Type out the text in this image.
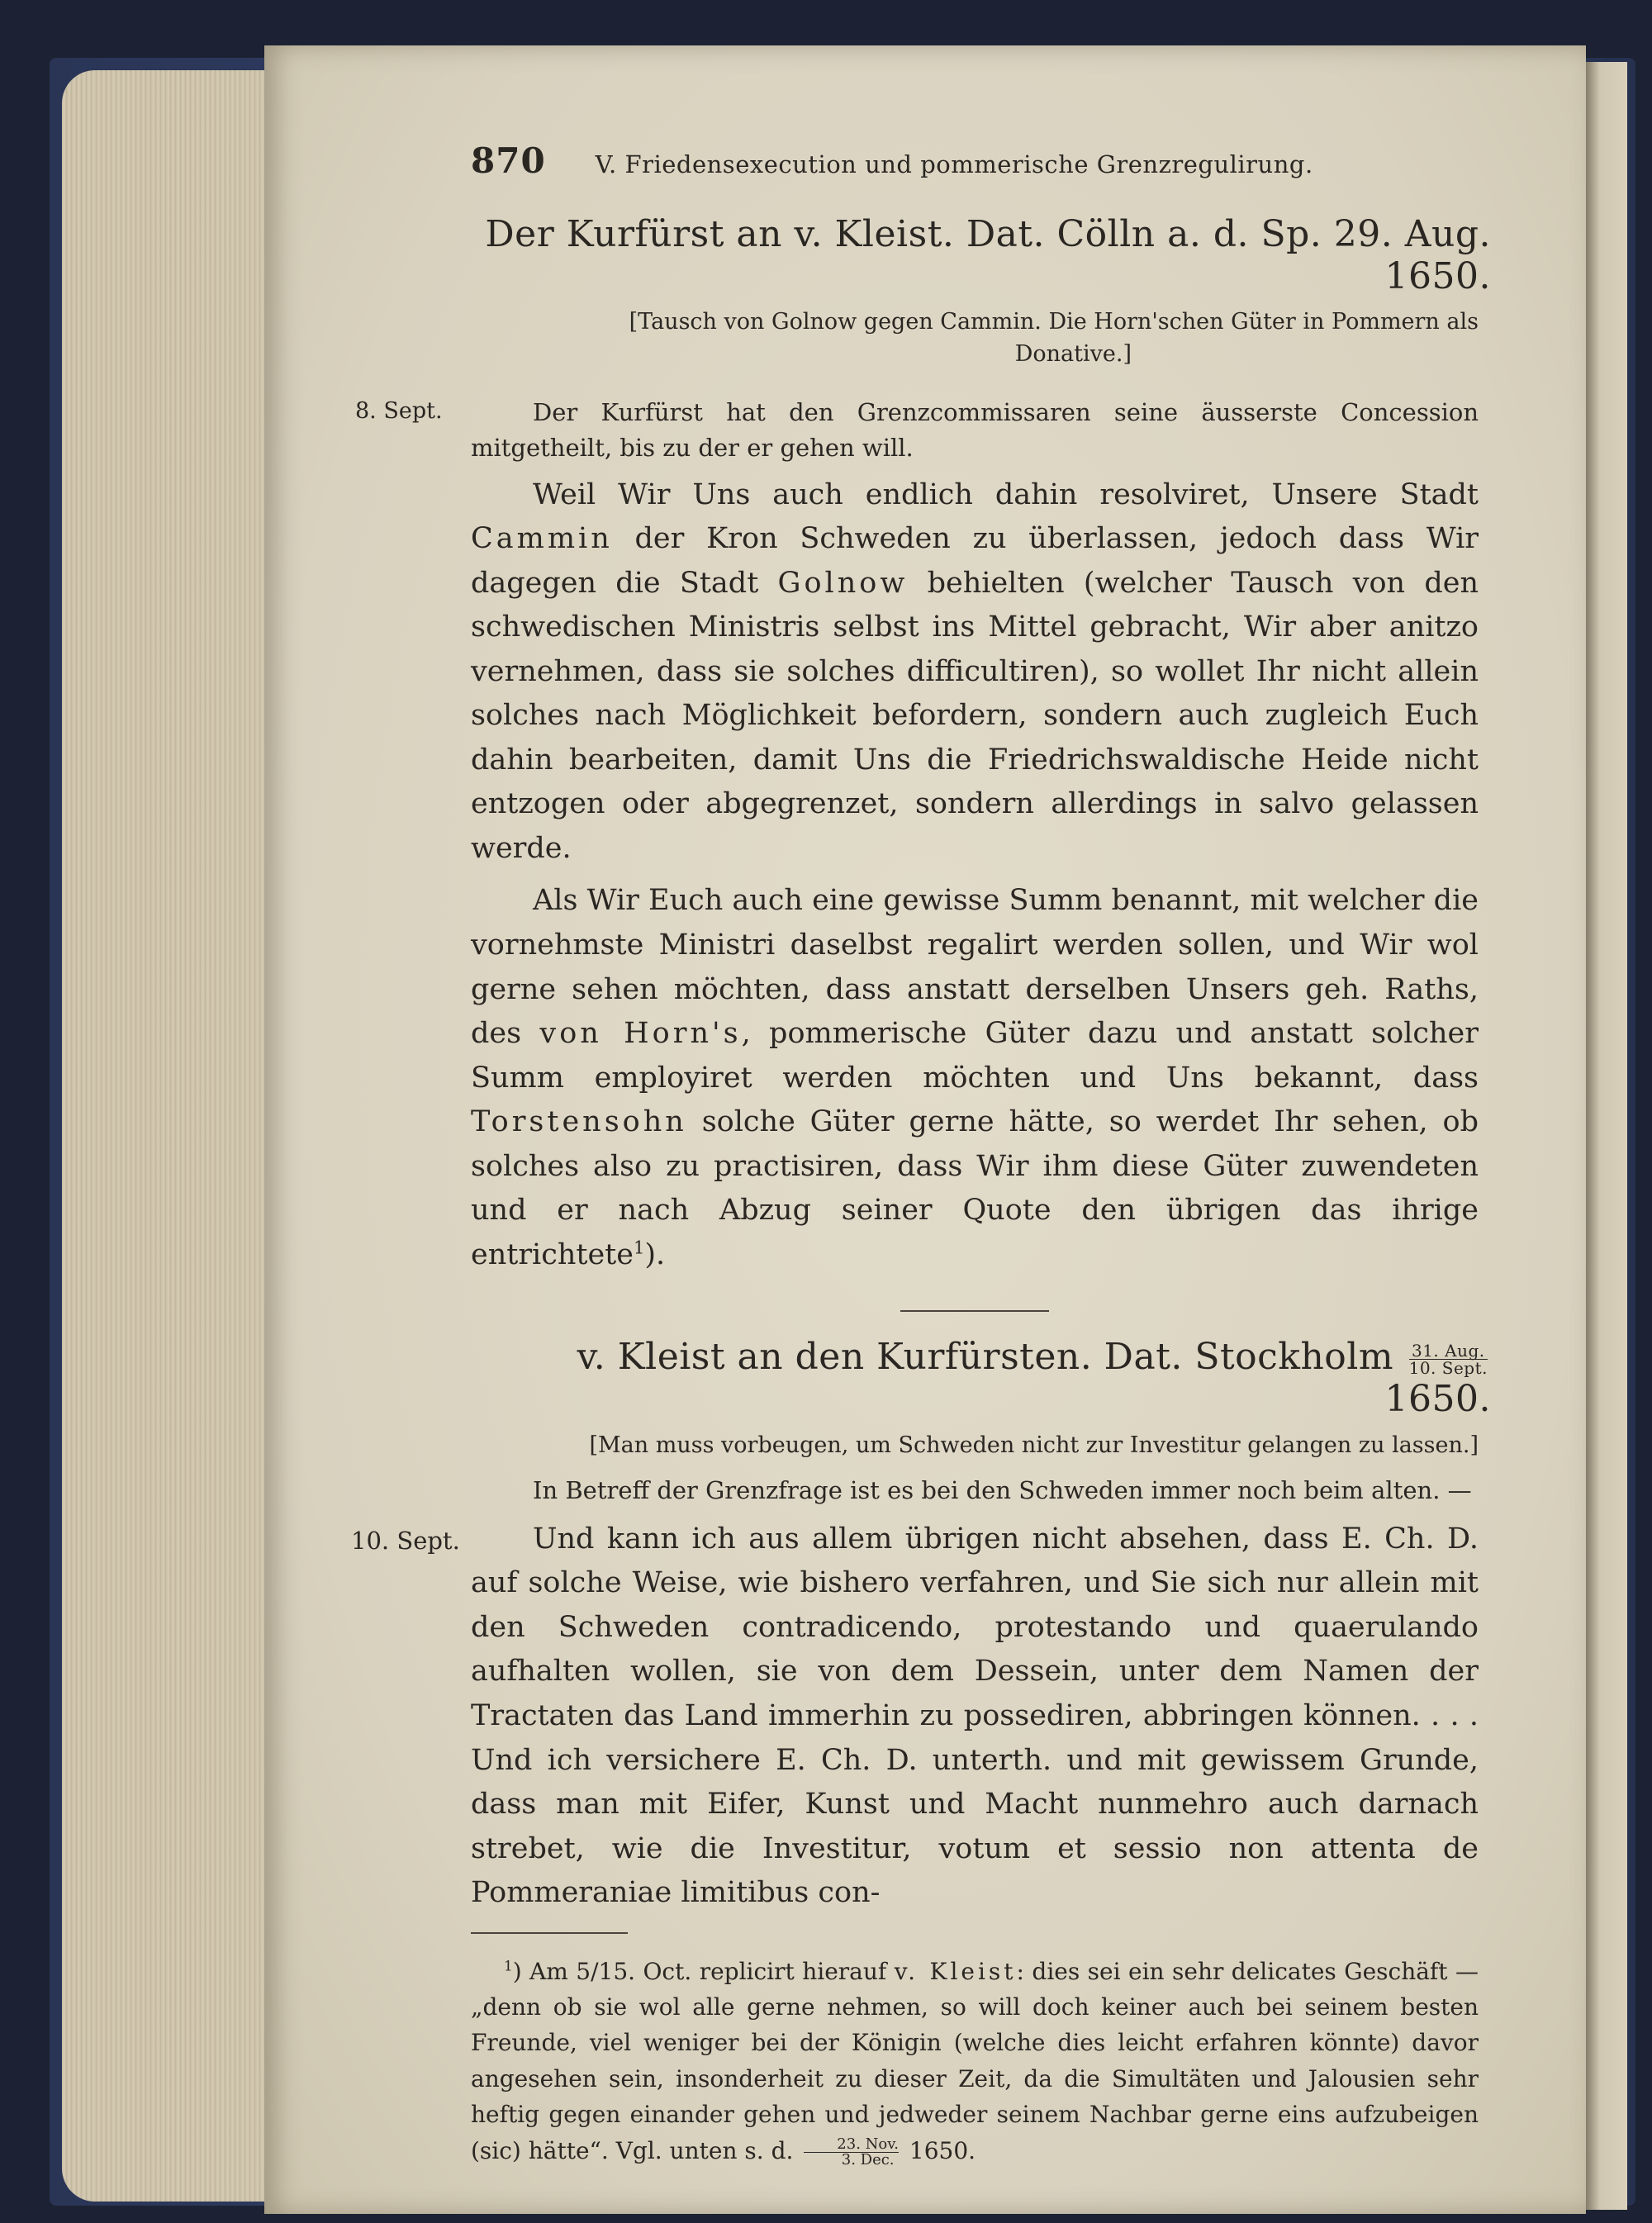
870 V. Friedensexecution und pommerische Grenzregulirung.
Der Kurfürst an v. Kleist. Dat. Cölln a. d. Sp. 29. Aug. 1650.
[Tausch von Golnow gegen Cammin. Die Horn'schen Güter in Pommern als
Donative.]
8. Sept.	Der Kurfürst hat den Grenzcommissaren seine äusserste Concession mitgetheilt, bis zu der er gehen will.

Weil Wir Uns auch endlich dahin resolviret, Unsere Stadt Cammin der Kron Schweden zu überlassen, jedoch dass Wir dagegen die Stadt Golnow behielten (welcher Tausch von den schwedischen Ministris selbst ins Mittel gebracht, Wir aber anitzo vernehmen, dass sie solches difficultiren), so wollet Ihr nicht allein solches nach Möglichkeit befordern, sondern auch zugleich Euch dahin bearbeiten, damit Uns die Friedrichswaldische Heide nicht entzogen oder abgegrenzet, sondern allerdings in salvo gelassen werde.

Als Wir Euch auch eine gewisse Summ benannt, mit welcher die vornehmste Ministri daselbst regalirt werden sollen, und Wir wol gerne sehen möchten, dass anstatt derselben Unsers geh. Raths, des von Horn's, pommerische Güter dazu und anstatt solcher Summ employiret werden möchten und Uns bekannt, dass Torstensohn solche Güter gerne hätte, so werdet Ihr sehen, ob solches also zu practisiren, dass Wir ihm diese Güter zuwendeten und er nach Abzug seiner Quote den übrigen das ihrige entrichtete$^1$).

v. Kleist an den Kurfürsten. Dat. Stockholm $\frac{\text{31. Aug.}}{\text{10. Sept.}}$
1650.
[Man muss vorbeugen, um Schweden nicht zur Investitur gelangen zu lassen.]
In Betreff der Grenzfrage ist es bei den Schweden immer noch beim alten. —

10. Sept.	Und kann ich aus allem übrigen nicht absehen, dass E. Ch. D. auf solche Weise, wie bishero verfahren, und Sie sich nur allein mit den Schweden contradicendo, protestando und quaerulando aufhalten wollen, sie von dem Dessein, unter dem Namen der Tractaten das Land immerhin zu possediren, abbringen können. . . . Und ich versichere E. Ch. D. unterth. und mit gewissem Grunde, dass man mit Eifer, Kunst und Macht nunmehro auch darnach strebet, wie die Investitur, votum et sessio non attenta de Pommeraniae limitibus con-

$^1$) Am 5/15. Oct. replicirt hierauf v. Kleist: dies sei ein sehr delicates Geschäft — „denn ob sie wol alle gerne nehmen, so will doch keiner auch bei seinem besten Freunde, viel weniger bei der Königin (welche dies leicht erfahren könnte) davor angesehen sein, insonderheit zu dieser Zeit, da die Simultäten und Jalousien sehr heftig gegen einander gehen und jedweder seinem Nachbar gerne eins aufzubeigen (sic) hätte“. Vgl. unten s. d. $\frac{\text{23. Nov.}}{\text{3. Dec.}} 1650$.
